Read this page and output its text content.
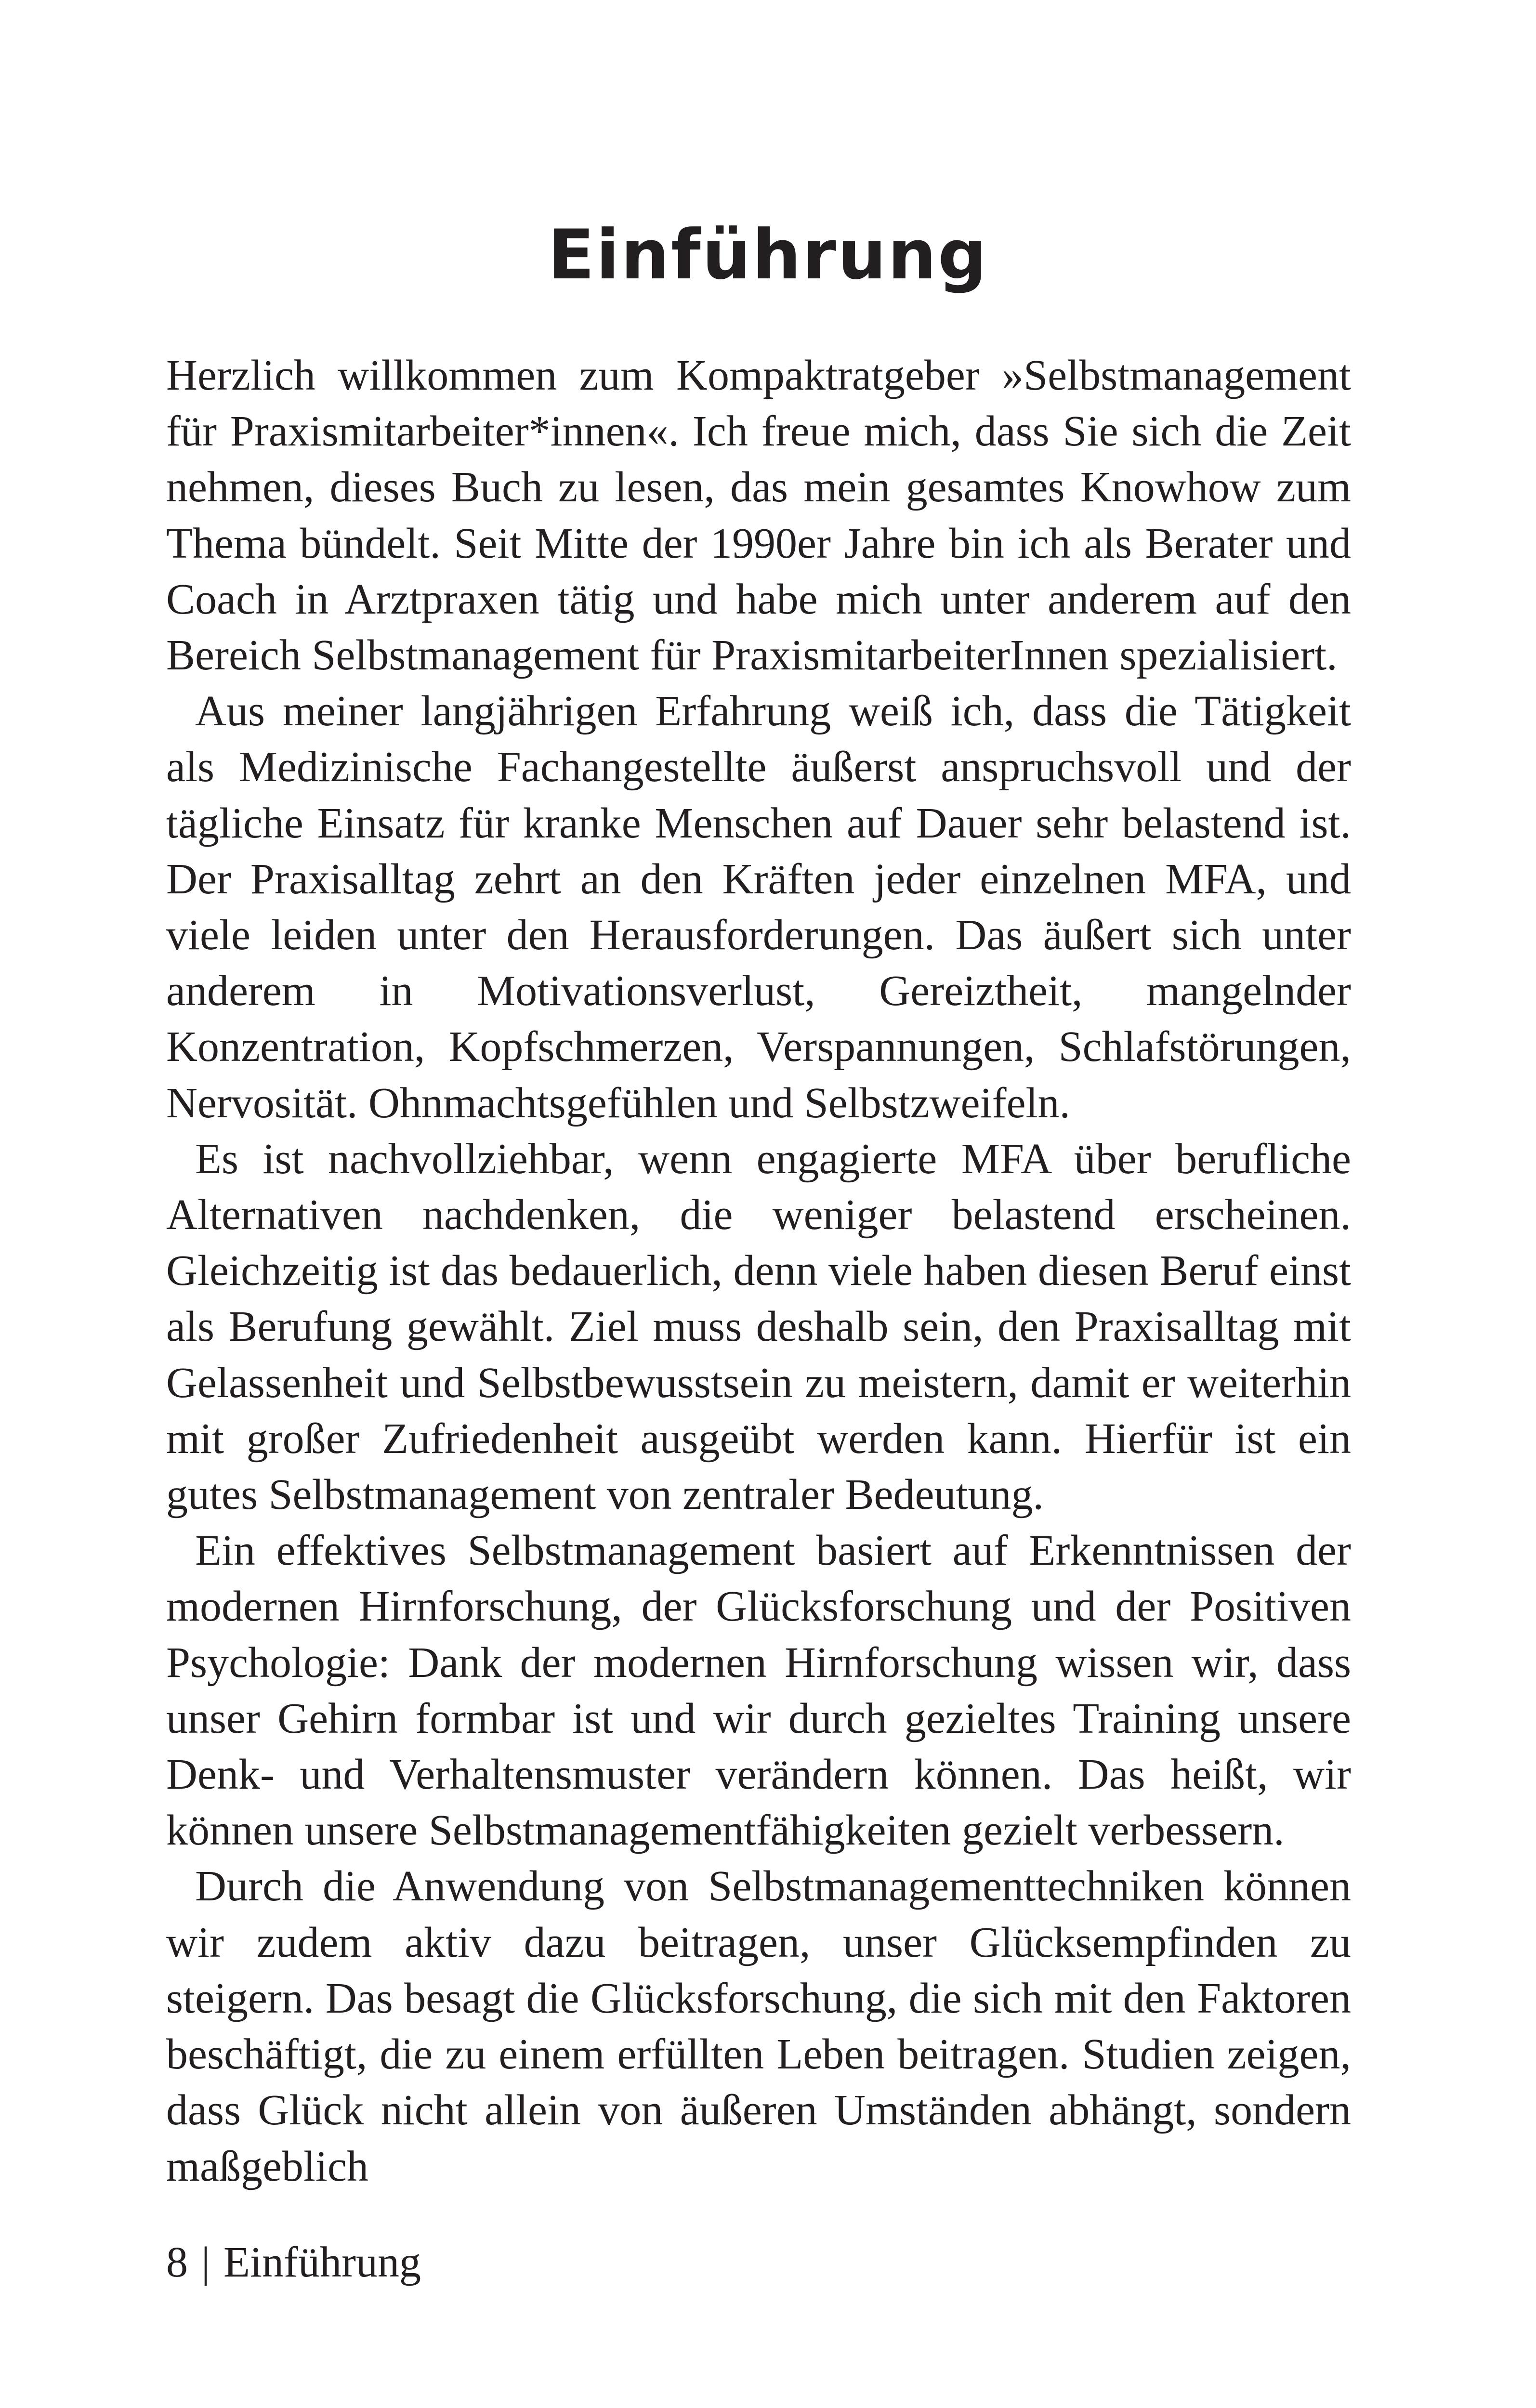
Einführung

Herzlich willkommen zum Kompaktratgeber »Selbstmanagement für Praxismitarbeiter*innen«. Ich freue mich, dass Sie sich die Zeit nehmen, dieses Buch zu lesen, das mein gesamtes Knowhow zum Thema bündelt. Seit Mitte der 1990er Jahre bin ich als Berater und Coach in Arztpraxen tätig und habe mich unter anderem auf den Bereich Selbstmanagement für PraxismitarbeiterInnen spezialisiert.

Aus meiner langjährigen Erfahrung weiß ich, dass die Tätigkeit als Medizinische Fachangestellte äußerst anspruchsvoll und der tägliche Einsatz für kranke Menschen auf Dauer sehr belastend ist. Der Praxisalltag zehrt an den Kräften jeder einzelnen MFA, und viele leiden unter den Herausforderungen. Das äußert sich unter anderem in Motivationsverlust, Gereiztheit, mangelnder Konzentration, Kopfschmerzen, Verspannungen, Schlafstörungen, Nervosität. Ohnmachtsgefühlen und Selbstzweifeln.

Es ist nachvollziehbar, wenn engagierte MFA über berufliche Alternativen nachdenken, die weniger belastend erscheinen. Gleichzeitig ist das bedauerlich, denn viele haben diesen Beruf einst als Berufung gewählt. Ziel muss deshalb sein, den Praxisalltag mit Gelassenheit und Selbstbewusstsein zu meistern, damit er weiterhin mit großer Zufriedenheit ausgeübt werden kann. Hierfür ist ein gutes Selbstmanagement von zentraler Bedeutung.

Ein effektives Selbstmanagement basiert auf Erkenntnissen der modernen Hirnforschung, der Glücksforschung und der Positiven Psychologie: Dank der modernen Hirnforschung wissen wir, dass unser Gehirn formbar ist und wir durch gezieltes Training unsere Denk- und Verhaltensmuster verändern können. Das heißt, wir können unsere Selbstmanagementfähigkeiten gezielt verbessern.

Durch die Anwendung von Selbstmanagementtechniken können wir zudem aktiv dazu beitragen, unser Glücksempfinden zu steigern. Das besagt die Glücksforschung, die sich mit den Faktoren beschäftigt, die zu einem erfüllten Leben beitragen. Studien zeigen, dass Glück nicht allein von äußeren Umständen abhängt, sondern maßgeblich

8 | Einführung
